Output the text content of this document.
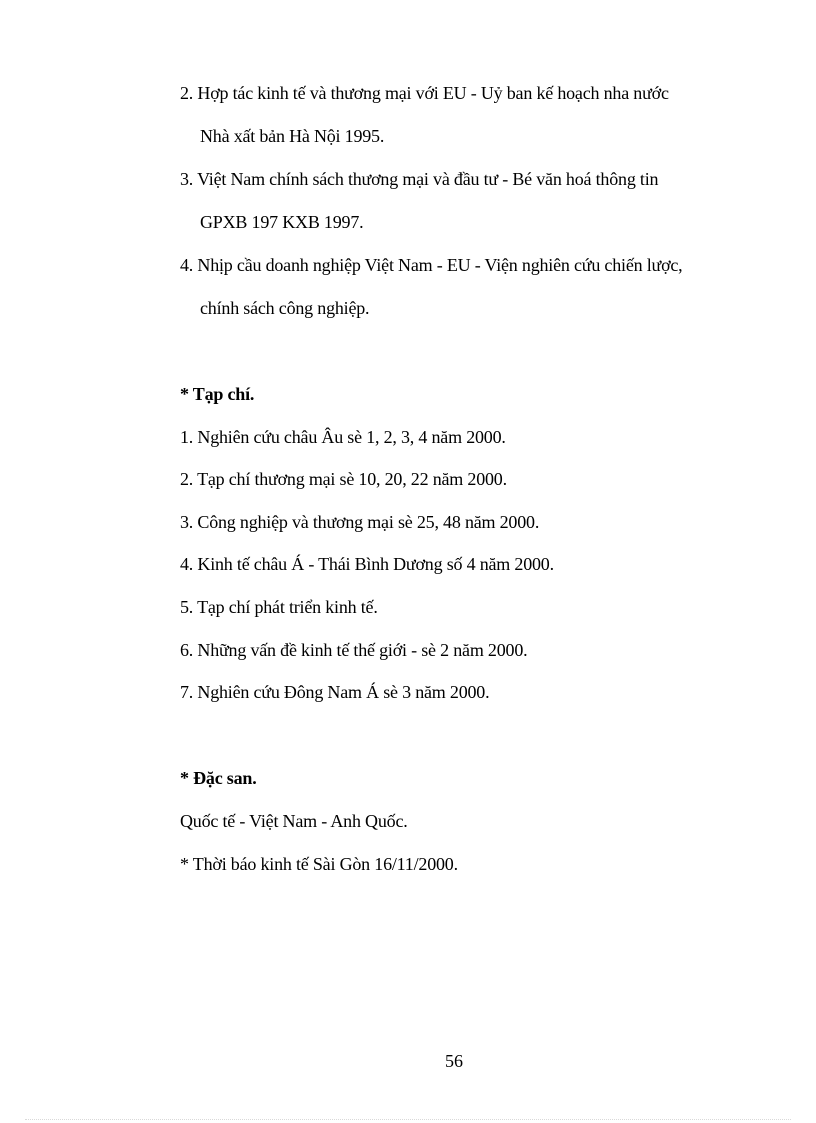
2. Hợp tác kinh tế và thương mại với EU - Uỷ ban kế hoạch nha nước
Nhà xất bản Hà Nội 1995.
3. Việt Nam chính sách thương mại và đầu tư - Bé văn hoá thông tin
GPXB 197 KXB 1997.
4. Nhịp cầu doanh nghiệp Việt Nam - EU - Viện nghiên cứu chiến lược,
chính sách công nghiệp.
* Tạp chí.
1. Nghiên cứu châu Âu sè 1, 2, 3, 4 năm 2000.
2. Tạp chí thương mại sè 10, 20, 22 năm 2000.
3. Công nghiệp và thương mại sè 25, 48 năm 2000.
4. Kinh tế châu Á - Thái Bình Dương số 4 năm 2000.
5. Tạp chí phát triển kinh tế.
6. Những vấn đề kinh tế thế giới - sè 2 năm 2000.
7. Nghiên cứu Đông Nam Á sè 3 năm 2000.
* Đặc san.
Quốc tế - Việt Nam - Anh Quốc.
* Thời báo kinh tế Sài Gòn 16/11/2000.
56
